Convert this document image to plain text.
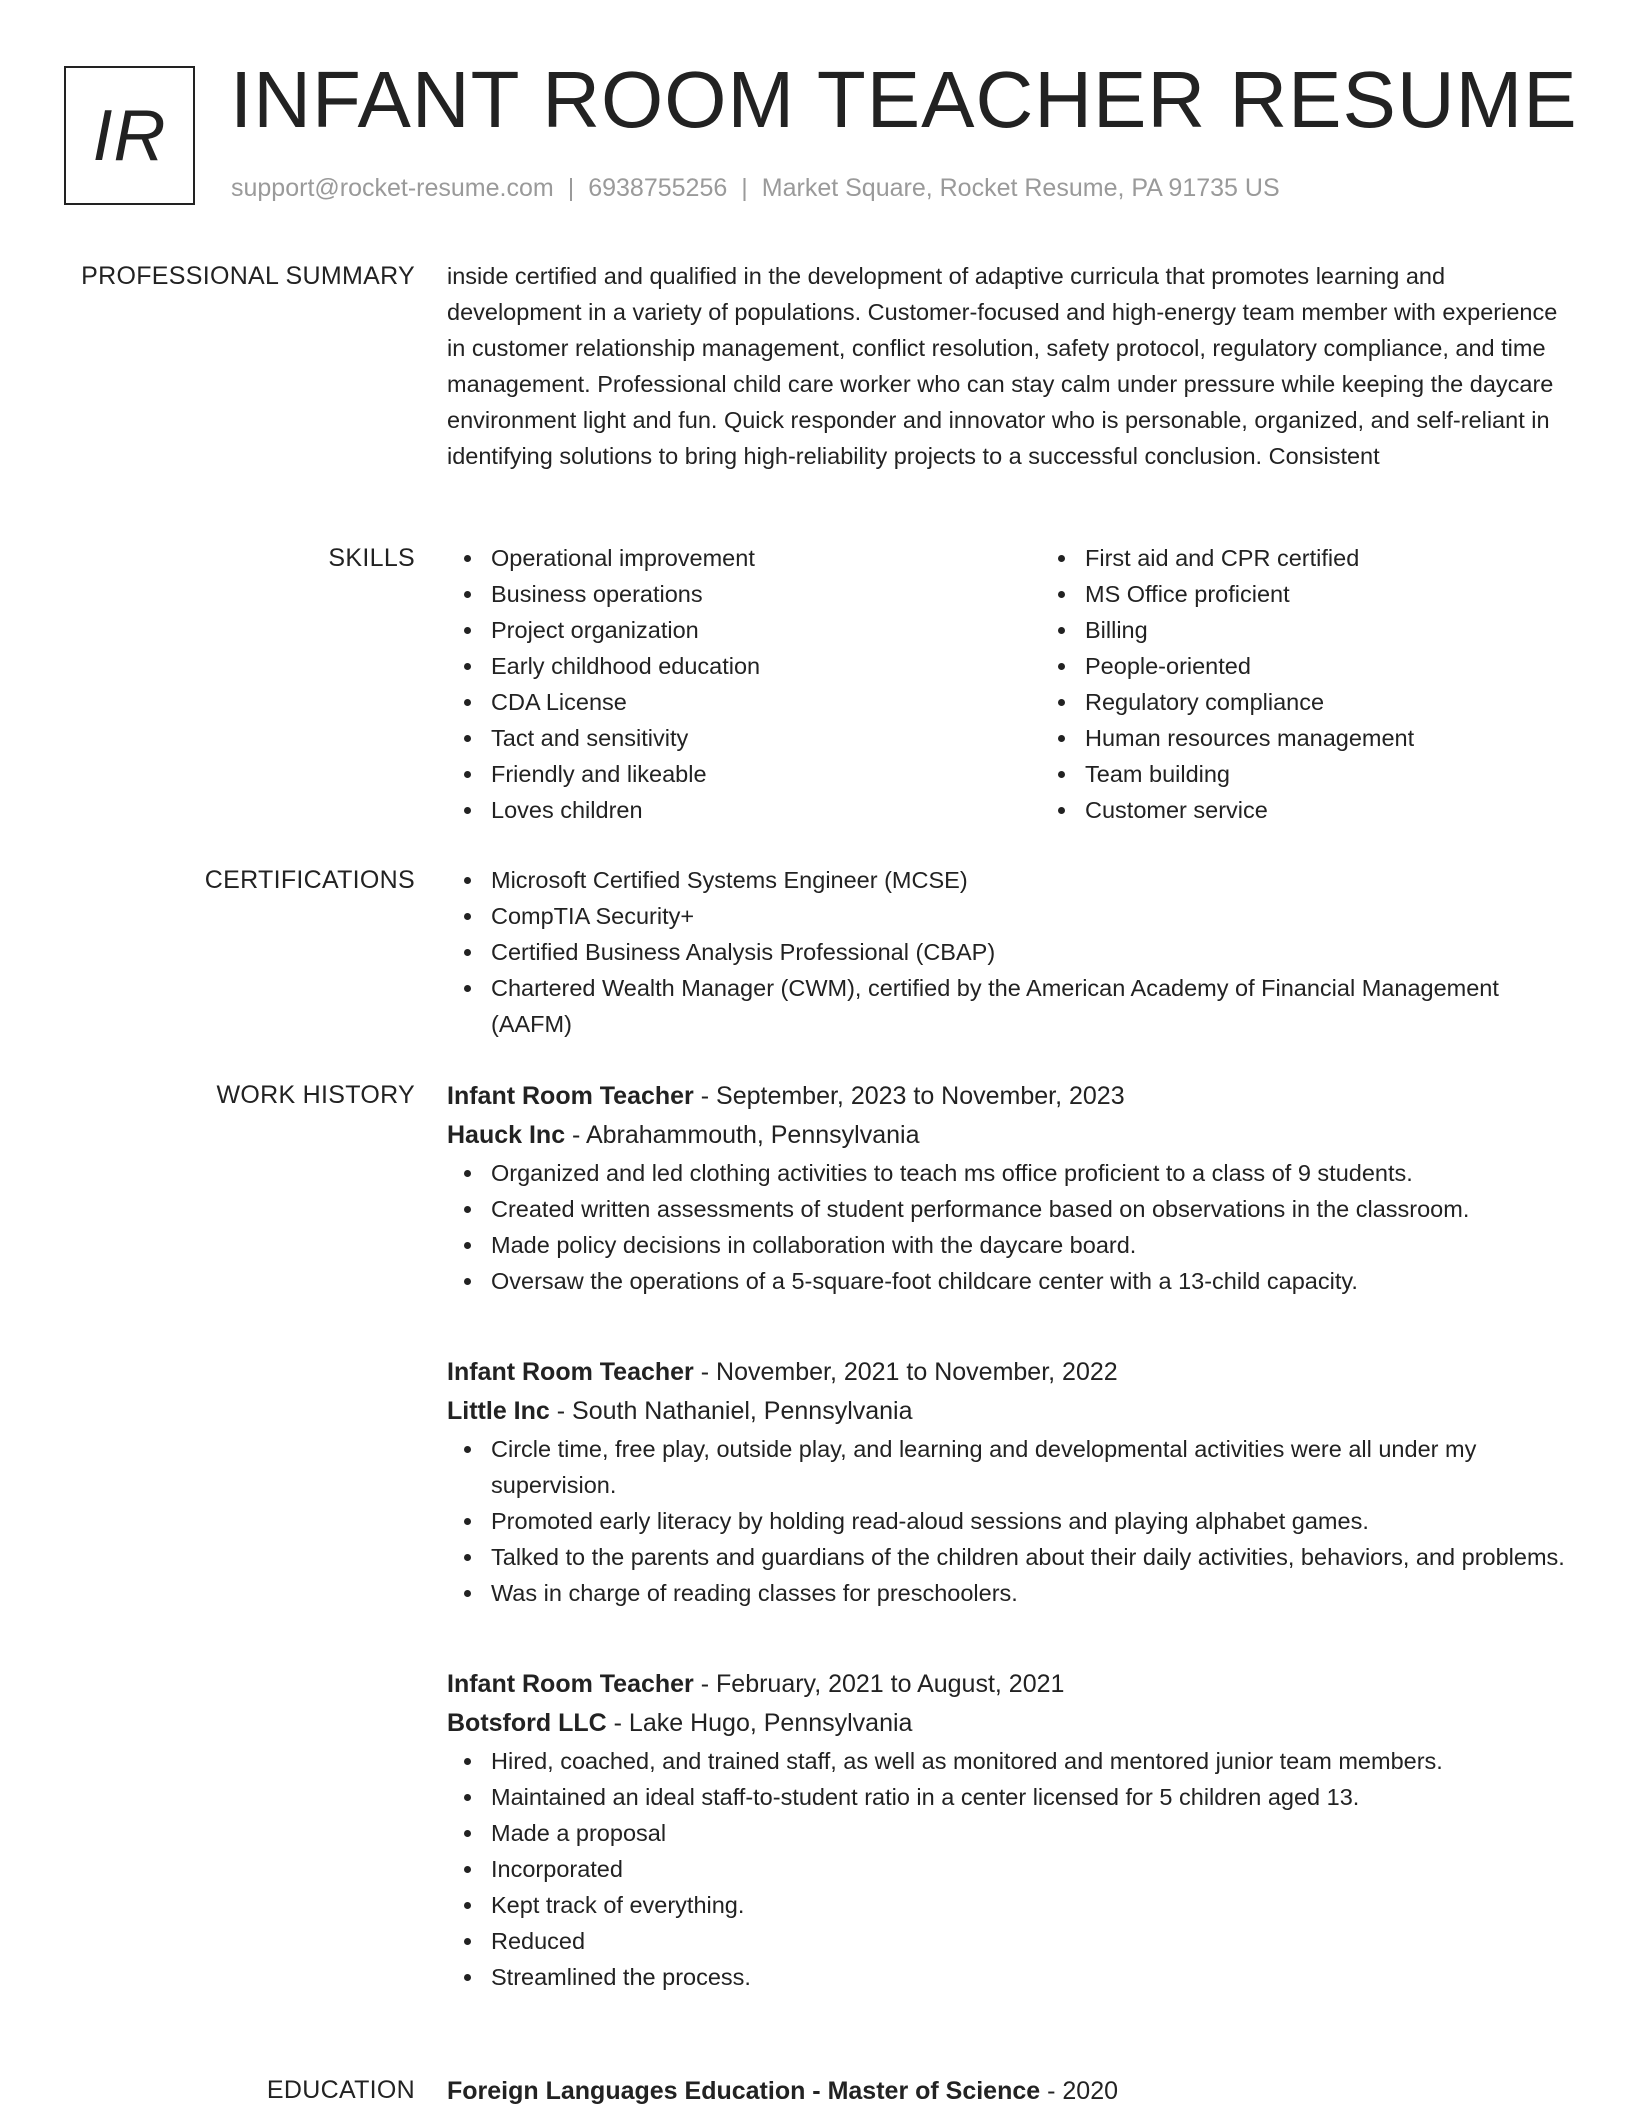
IR INFANT ROOM TEACHER RESUME
support@rocket-resume.com | 6938755256 | Market Square, Rocket Resume, PA 91735 US
PROFESSIONAL SUMMARY inside certified and qualified in the development of adaptive curricula that promotes learning and development in a variety of populations. Customer-focused and high-energy team member with experience in customer relationship management, conflict resolution, safety protocol, regulatory compliance, and time management. Professional child care worker who can stay calm under pressure while keeping the daycare environment light and fun. Quick responder and innovator who is personable, organized, and self-reliant in identifying solutions to bring high-reliability projects to a successful conclusion. Consistent
SKILLS	Operational improvement
Business operations
Project organization
Early childhood education
CDA License
Tact and sensitivity
Friendly and likeable
Loves children
First aid and CPR certified
MS Office proficient
Billing
People-oriented
Regulatory compliance
Human resources management
Team building
Customer service
CERTIFICATIONS	Microsoft Certified Systems Engineer (MCSE)
CompTIA Security+
Certified Business Analysis Professional (CBAP)
Chartered Wealth Manager (CWM), certified by the American Academy of Financial Management (AAFM)
WORK HISTORY Infant Room Teacher - September, 2023 to November, 2023
Hauck Inc - Abrahammouth, Pennsylvania
Organized and led clothing activities to teach ms office proficient to a class of 9 students.
Created written assessments of student performance based on observations in the classroom.
Made policy decisions in collaboration with the daycare board.
Oversaw the operations of a 5-square-foot childcare center with a 13-child capacity.
Infant Room Teacher - November, 2021 to November, 2022
Little Inc - South Nathaniel, Pennsylvania
Circle time, free play, outside play, and learning and developmental activities were all under my supervision.
Promoted early literacy by holding read-aloud sessions and playing alphabet games.
Talked to the parents and guardians of the children about their daily activities, behaviors, and problems.
Was in charge of reading classes for preschoolers.
Infant Room Teacher - February, 2021 to August, 2021
Botsford LLC - Lake Hugo, Pennsylvania
Hired, coached, and trained staff, as well as monitored and mentored junior team members.
Maintained an ideal staff-to-student ratio in a center licensed for 5 children aged 13.
Made a proposal
Incorporated
Kept track of everything.
Reduced
Streamlined the process.
EDUCATION Foreign Languages Education - Master of Science - 2020
